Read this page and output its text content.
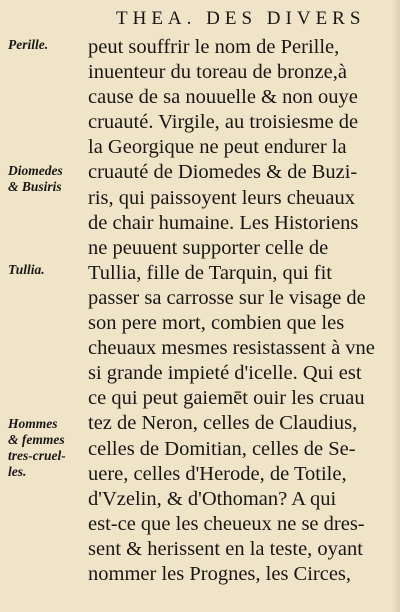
THEA. DES DIVERS
Perille.
Diomedes
& Busiris
Tullia.
Hommes
& femmes
tres-cruel-
les.
peut souffrir le nom de Perille,
inuenteur du toreau de bronze,à
cause de sa nouuelle & non ouye
cruauté. Virgile, au troisiesme de
la Georgique ne peut endurer la
cruauté de Diomedes & de Buzi-
ris, qui paissoyent leurs cheuaux
de chair humaine. Les Historiens
ne peuuent supporter celle de
Tullia, fille de Tarquin, qui fit
passer sa carrosse sur le visage de
son pere mort, combien que les
cheuaux mesmes resistassent à vne
si grande impieté d'icelle. Qui est
ce qui peut gaiemēt ouir les cruau
tez de Neron, celles de Claudius,
celles de Domitian, celles de Se-
uere, celles d'Herode, de Totile,
d'Vzelin, & d'Othoman? A qui
est-ce que les cheueux ne se dres-
sent & herissent en la teste, oyant
nommer les Prognes, les Circes,
